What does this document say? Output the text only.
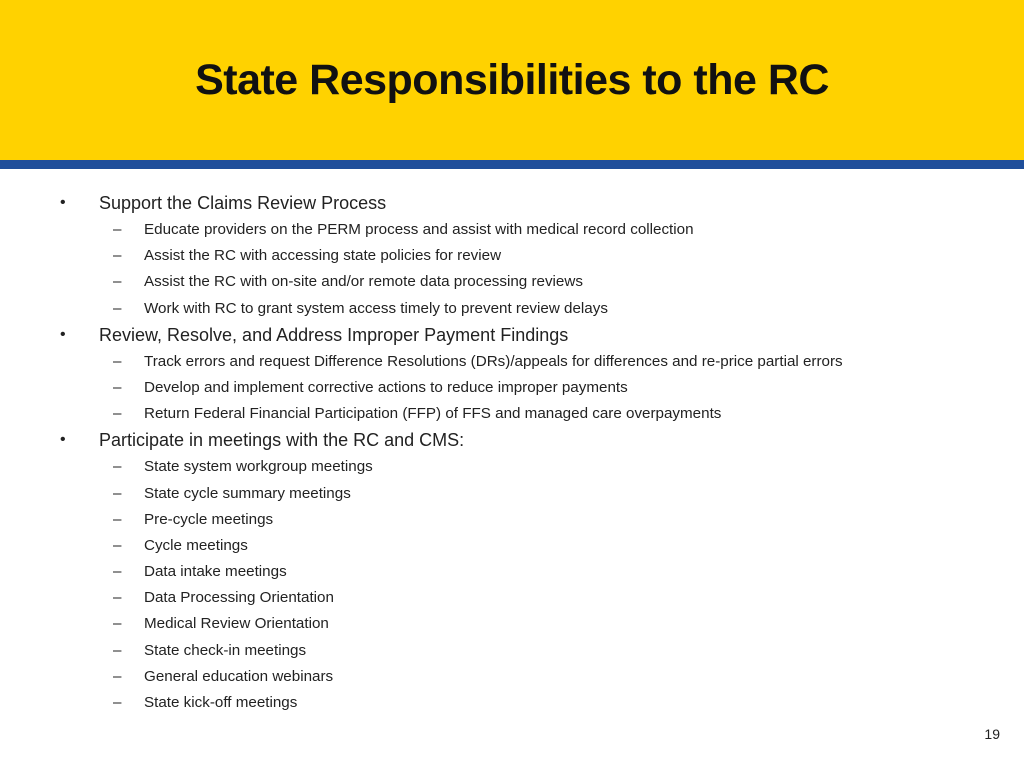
State Responsibilities to the RC
• Support the Claims Review Process
– Educate providers on the PERM process and assist with medical record collection
– Assist the RC with accessing state policies for review
– Assist the RC with on-site and/or remote data processing reviews
– Work with RC to grant system access timely to prevent review delays
• Review, Resolve, and Address Improper Payment Findings
– Track errors and request Difference Resolutions (DRs)/appeals for differences and re-price partial errors
– Develop and implement corrective actions to reduce improper payments
– Return Federal Financial Participation (FFP) of FFS and managed care overpayments
• Participate in meetings with the RC and CMS:
– State system workgroup meetings
– State cycle summary meetings
– Pre-cycle meetings
– Cycle meetings
– Data intake meetings
– Data Processing Orientation
– Medical Review Orientation
– State check-in meetings
– General education webinars
– State kick-off meetings
19
